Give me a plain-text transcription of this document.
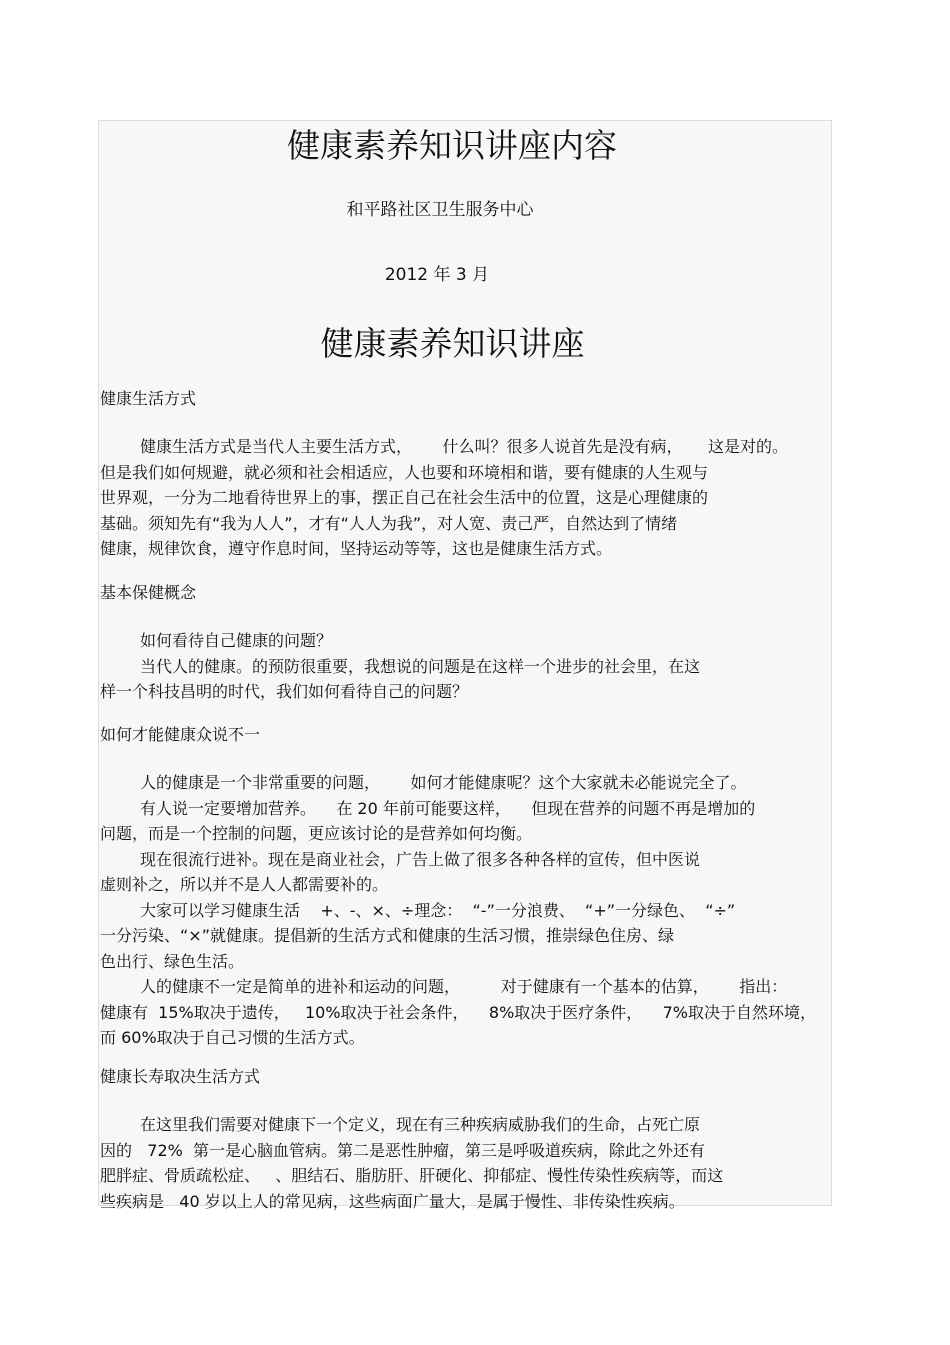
健康素养知识讲座内容
和平路社区卫生服务中心
2012 年 3 月
健康素养知识讲座

健康生活方式

健康生活方式是当代人主要生活方式，      什么叫？很多人说首先是没有病，     这是对的。

但是我们如何规避，就必须和社会相适应，人也要和环境相和谐，要有健康的人生观与

世界观，一分为二地看待世界上的事，摆正自己在社会生活中的位置，这是心理健康的

基础。须知先有“我为人人”，才有“人人为我”，对人宽、责己严，自然达到了情绪

健康，规律饮食，遵守作息时间，坚持运动等等，这也是健康生活方式。

基本保健概念

如何看待自己健康的问题？

当代人的健康。的预防很重要，我想说的问题是在这样一个进步的社会里，在这

样一个科技昌明的时代，我们如何看待自己的问题？

如何才能健康众说不一

人的健康是一个非常重要的问题，      如何才能健康呢？这个大家就未必能说完全了。

有人说一定要增加营养。    在 20 年前可能要这样，    但现在营养的问题不再是增加的

问题，而是一个控制的问题，更应该讨论的是营养如何均衡。

现在很流行进补。现在是商业社会，广告上做了很多各种各样的宣传，但中医说

虚则补之，所以并不是人人都需要补的。

大家可以学习健康生活    +、-、×、÷理念：  “-”一分浪费、  “+”一分绿色、  “÷”

一分污染、“×”就健康。提倡新的生活方式和健康的生活习惯，推崇绿色住房、绿

色出行、绿色生活。

人的健康不一定是简单的进补和运动的问题，        对于健康有一个基本的估算，      指出：

健康有  15%取决于遗传，   10%取决于社会条件，    8%取决于医疗条件，    7%取决于自然环境，

而 60%取决于自己习惯的生活方式。

健康长寿取决生活方式

在这里我们需要对健康下一个定义，现在有三种疾病威胁我们的生命，占死亡原

因的   72%  第一是心脑血管病。第二是恶性肿瘤，第三是呼吸道疾病，除此之外还有

肥胖症、骨质疏松症、   、胆结石、脂肪肝、肝硬化、抑郁症、慢性传染性疾病等，而这

些疾病是   40 岁以上人的常见病，这些病面广量大，是属于慢性、非传染性疾病。
